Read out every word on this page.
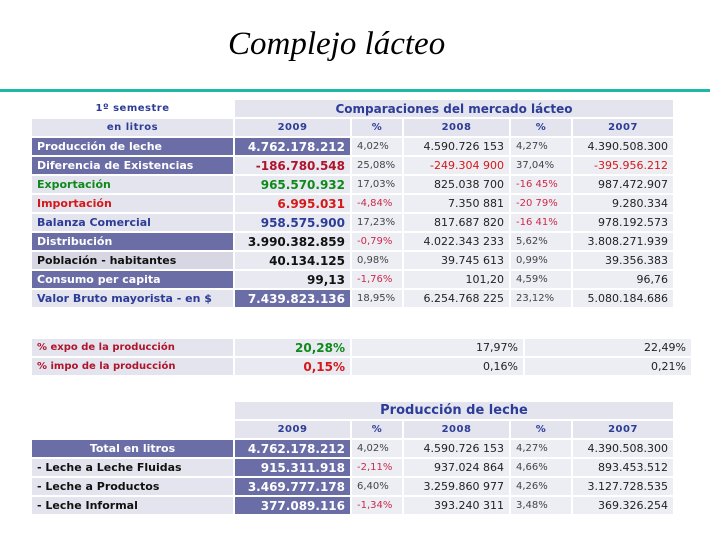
Complejo lácteo
1º semestre	Comparaciones del mercado lácteo				
en litros	2009	%	2008	%	2007
Producción de leche	4.762.178.212	4,02%	4.590.726 153	4,27%	4.390.508.300
Diferencia de Existencias	-186.780.548	25,08%	-249.304 900	37,04%	-395.956.212
Exportación	965.570.932	17,03%	825.038 700	-16 45%	987.472.907
Importación	6.995.031	-4,84%	7.350 881	-20 79%	9.280.334
Balanza Comercial	958.575.900	17,23%	817.687 820	-16 41%	978.192.573
Distribución	3.990.382.859	-0,79%	4.022.343 233	5,62%	3.808.271.939
Población - habitantes	40.134.125	0,98%	39.745 613	0,99%	39.356.383
Consumo per capita	99,13	-1,76%	101,20	4,59%	96,76
Valor Bruto mayorista - en $	7.439.823.136	18,95%	6.254.768 225	23,12%	5.080.184.686
% expo de la producción	20,28%	17,97%	22,49%
% impo de la producción	0,15%	0,16%	0,21%
	Producción de leche				
	2009	%	2008	%	2007
Total en litros	4.762.178.212	4,02%	4.590.726 153	4,27%	4.390.508.300
- Leche a Leche Fluidas	915.311.918	-2,11%	937.024 864	4,66%	893.453.512
- Leche a Productos	3.469.777.178	6,40%	3.259.860 977	4,26%	3.127.728.535
- Leche Informal	377.089.116	-1,34%	393.240 311	3,48%	369.326.254
